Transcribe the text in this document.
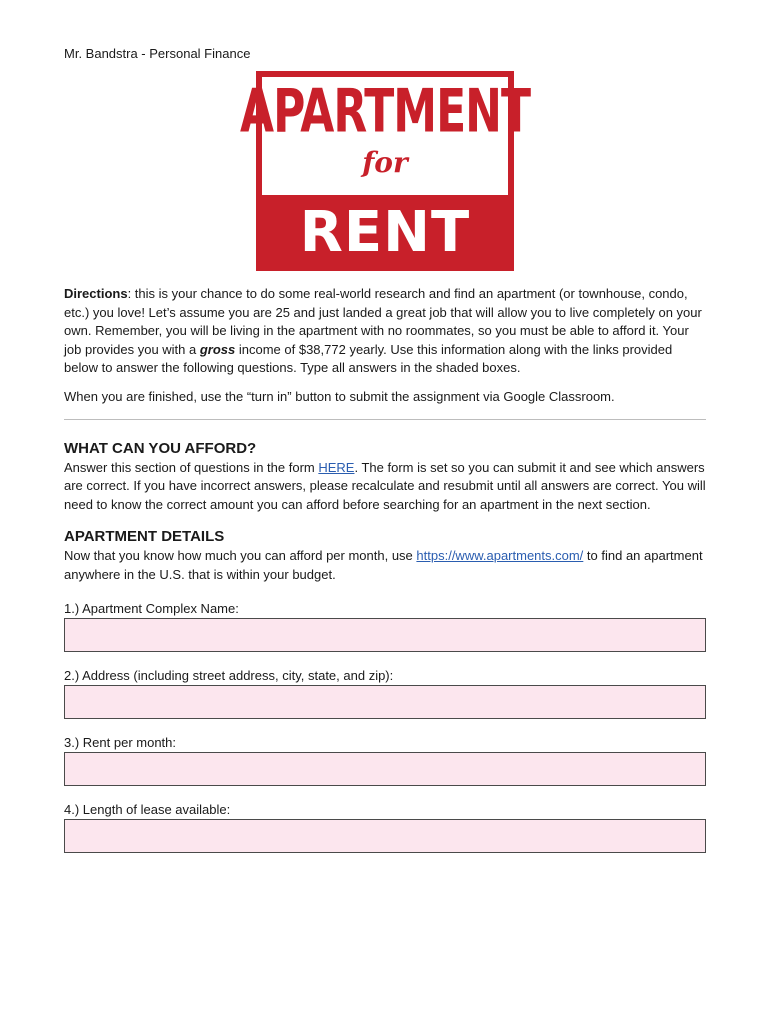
Mr. Bandstra - Personal Finance
APARTMENT
for
RENT

Directions: this is your chance to do some real-world research and find an apartment (or townhouse, condo, etc.) you love! Let’s assume you are 25 and just landed a great job that will allow you to live completely on your own. Remember, you will be living in the apartment with no roommates, so you must be able to afford it. Your job provides you with a gross income of $38,772 yearly. Use this information along with the links provided below to answer the following questions. Type all answers in the shaded boxes.

When you are finished, use the “turn in” button to submit the assignment via Google Classroom.

WHAT CAN YOU AFFORD?

Answer this section of questions in the form HERE. The form is set so you can submit it and see which answers are correct. If you have incorrect answers, please recalculate and resubmit until all answers are correct. You will need to know the correct amount you can afford before searching for an apartment in the next section.

APARTMENT DETAILS

Now that you know how much you can afford per month, use https://www.apartments.com/ to find an apartment anywhere in the U.S. that is within your budget.

1.) Apartment Complex Name:
2.) Address (including street address, city, state, and zip):
3.) Rent per month:
4.) Length of lease available:
